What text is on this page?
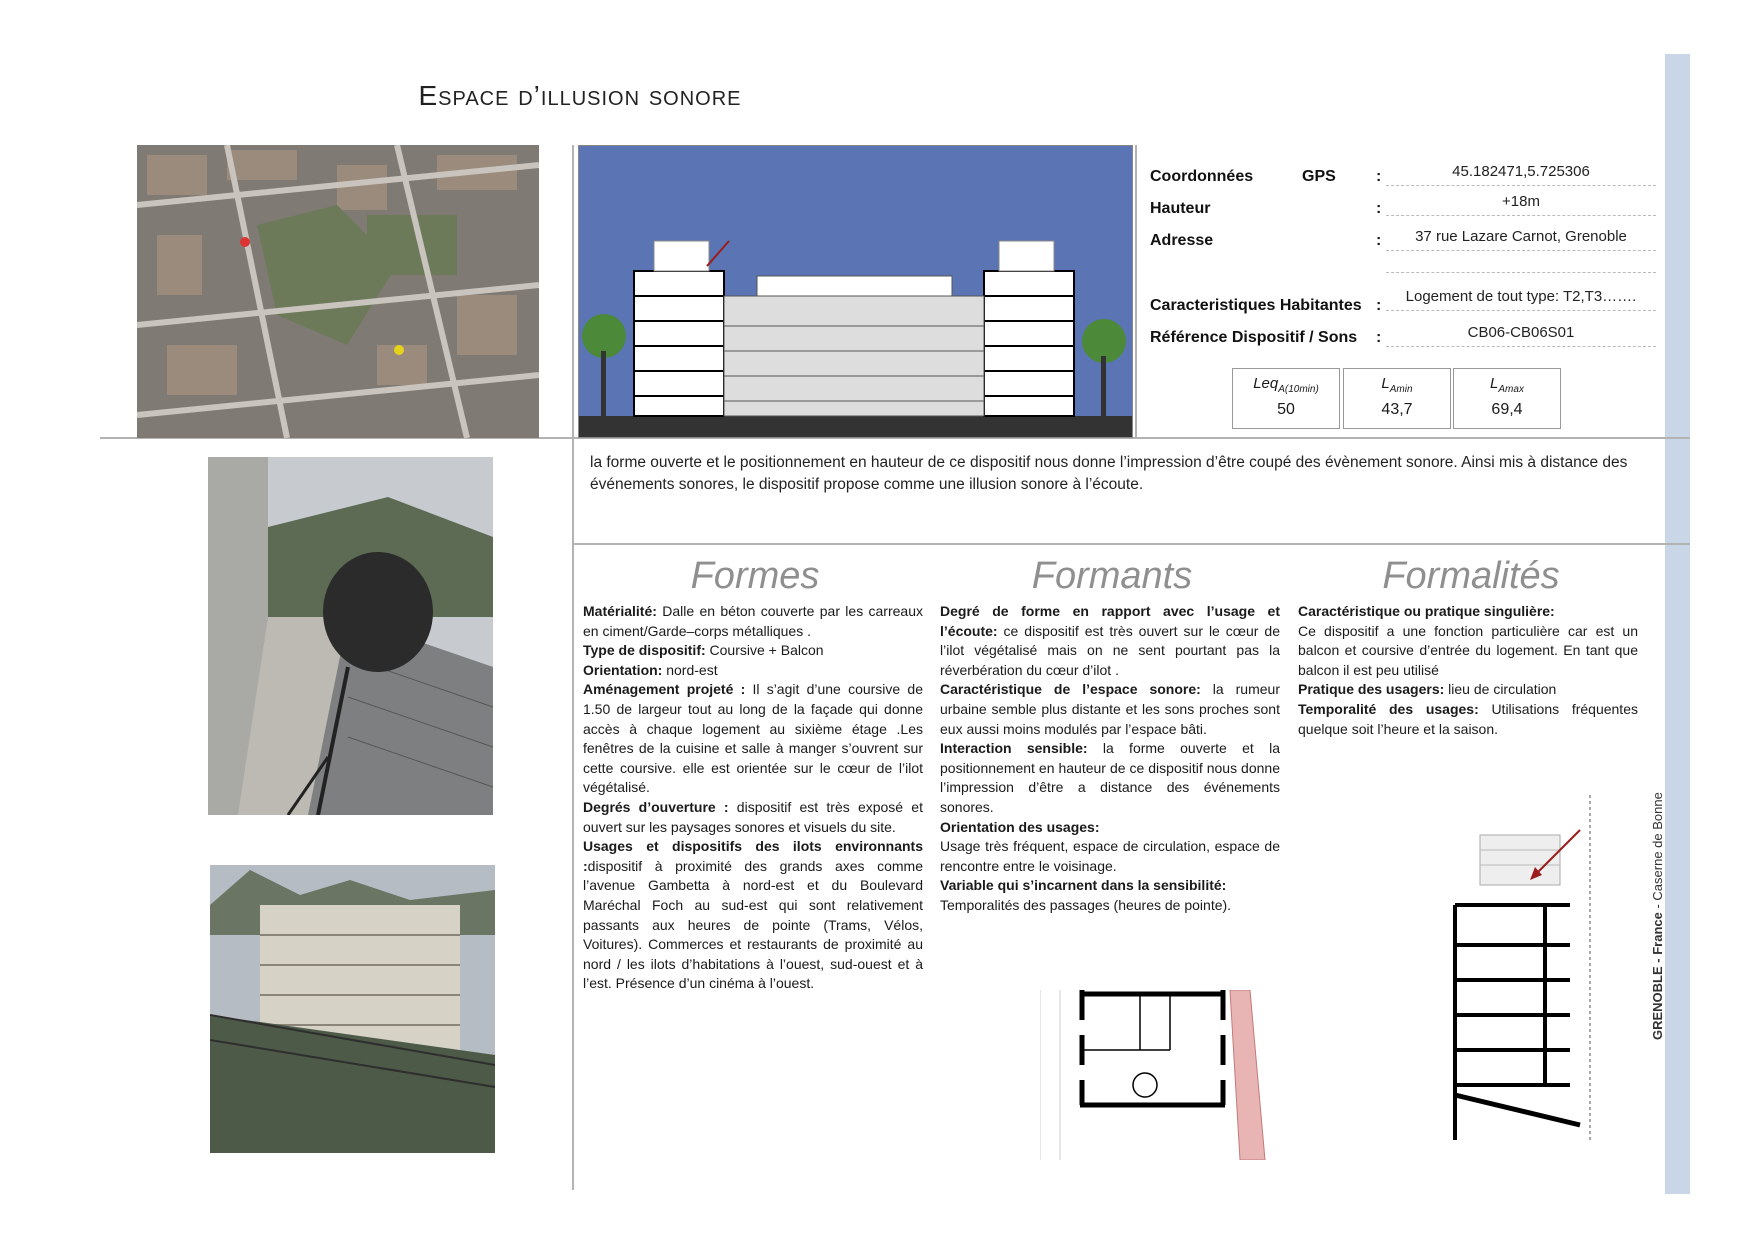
Espace d’illusion sonore
GRENOBLE - France - Caserne de Bonne
Coordonnées	GPS	:	45.182471,5.725306
Hauteur	:	+18m
Adresse	:	37 rue Lazare Carnot, Grenoble
Caracteristiques Habitantes :
Logement de tout type: T2,T3…….
Référence Dispositif / Sons :	CB06-CB06S01
Leq$_{A(10min)}$
50
$L_{Amin}$
43,7
$L_{Amax}$
69,4
la forme ouverte et le positionnement en hauteur de ce dispositif nous donne l’impression d’être coupé des évènement sonore. Ainsi mis à distance des événements sonores, le dispositif propose comme une illusion sonore à l’écoute.
Formes	Formants	Formalités

Matérialité: Dalle en béton couverte par les carreaux en ciment/Garde–corps métalliques .

Type de dispositif: Coursive + Balcon

Orientation: nord-est

Aménagement projeté : Il s’agit d’une coursive de 1.50 de largeur tout au long de la façade qui donne accès à chaque logement au sixième étage .Les fenêtres de la cuisine et salle à manger s’ouvrent sur cette coursive. elle est orientée sur le cœur de l’ilot végétalisé.

Degrés d’ouverture : dispositif est très exposé et ouvert sur les paysages sonores et visuels du site.

Usages et dispositifs des ilots environnants :dispositif à proximité des grands axes comme l’avenue Gambetta à nord-est et du Boulevard Maréchal Foch au sud-est qui sont relativement passants aux heures de pointe (Trams, Vélos, Voitures). Commerces et restaurants de proximité au nord / les ilots d’habitations à l’ouest, sud-ouest et à l’est. Présence d’un cinéma à l’ouest.

Degré de forme en rapport avec l’usage et l’écoute: ce dispositif est très ouvert sur le cœur de l’ilot végétalisé mais on ne sent pourtant pas la réverbération du cœur d’ilot .

Caractéristique de l’espace sonore: la rumeur urbaine semble plus distante et les sons proches sont eux aussi moins modulés par l’espace bâti.

Interaction sensible: la forme ouverte et la positionnement en hauteur de ce dispositif nous donne l’impression d’être a distance des événements sonores.

Orientation des usages:

Usage très fréquent, espace de circulation, espace de rencontre entre le voisinage.

Variable qui s’incarnent dans la sensibilité:

Temporalités des passages (heures de pointe).

Caractéristique ou pratique singulière:

Ce dispositif a une fonction particulière car est un balcon et coursive d’entrée du logement. En tant que balcon il est peu utilisé

Pratique des usagers: lieu de circulation

Temporalité des usages: Utilisations fréquentes quelque soit l’heure et la saison.
